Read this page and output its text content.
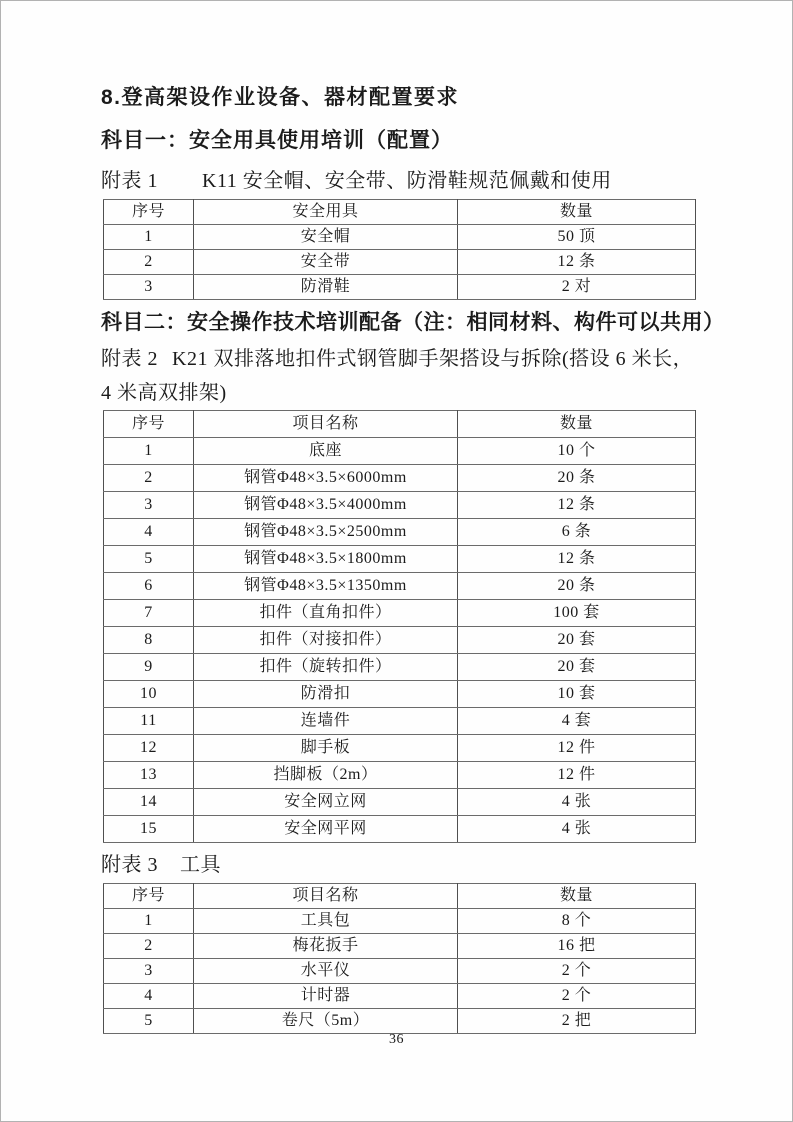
8.登高架设作业设备、器材配置要求
科目一：安全用具使用培训（配置）
附表 1 K11 安全帽、安全带、防滑鞋规范佩戴和使用
序号	安全用具	数量
1	安全帽	50 顶
2	安全带	12 条
3	防滑鞋	2 对
科目二：安全操作技术培训配备（注：相同材料、构件可以共用）
附表 2 K21 双排落地扣件式钢管脚手架搭设与拆除(搭设 6 米长，
4 米高双排架)
序号	项目名称	数量
1	底座	10 个
2	钢管Φ48×3.5×6000mm	20 条
3	钢管Φ48×3.5×4000mm	12 条
4	钢管Φ48×3.5×2500mm	6 条
5	钢管Φ48×3.5×1800mm	12 条
6	钢管Φ48×3.5×1350mm	20 条
7	扣件（直角扣件）	100 套
8	扣件（对接扣件）	20 套
9	扣件（旋转扣件）	20 套
10	防滑扣	10 套
11	连墙件	4 套
12	脚手板	12 件
13	挡脚板（2m）	12 件
14	安全网立网	4 张
15	安全网平网	4 张
附表 3 工具
序号	项目名称	数量
1	工具包	8 个
2	梅花扳手	16 把
3	水平仪	2 个
4	计时器	2 个
5	卷尺（5m）	2 把
36
